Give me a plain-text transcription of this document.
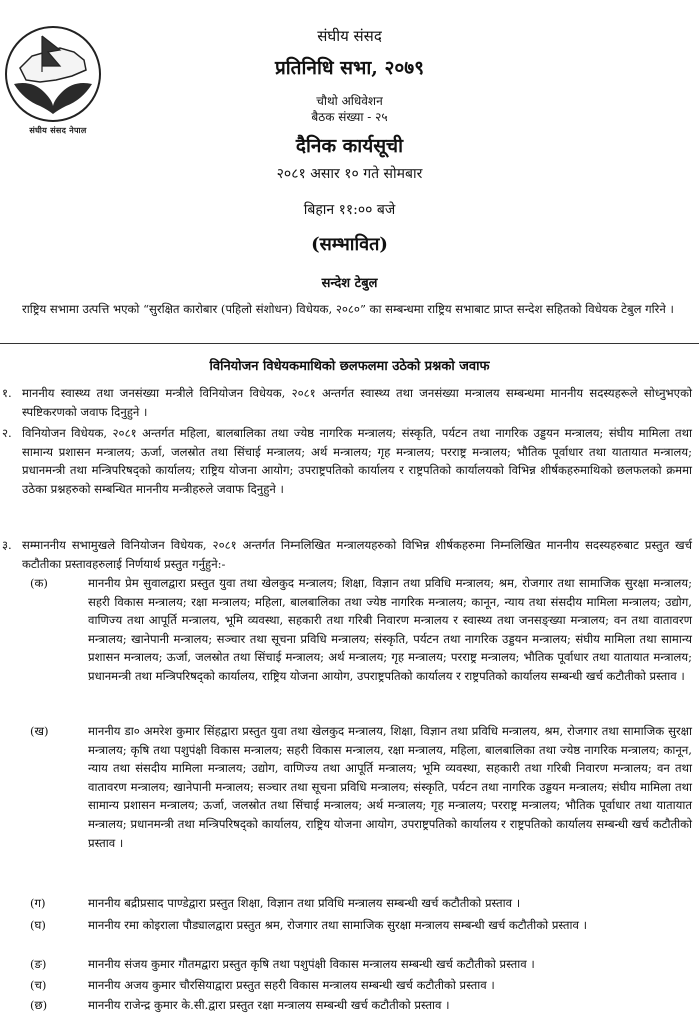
संघीय संसद नेपाल
संघीय संसद
प्रतिनिधि सभा, २०७९
चौथो अधिवेशन
बैठक संख्या - २५
दैनिक कार्यसूची
२०८१ असार १० गते सोमबार
बिहान ११:०० बजे
(सम्भावित)
सन्देश टेबुल
राष्ट्रिय सभामा उत्पत्ति भएको “सुरक्षित कारोबार (पहिलो संशोधन) विधेयक, २०८०” का सम्बन्धमा राष्ट्रिय सभाबाट प्राप्त सन्देश सहितको विधेयक टेबुल गरिने ।
विनियोजन विधेयकमाथिको छलफलमा उठेको प्रश्नको जवाफ
१. माननीय स्वास्थ्य तथा जनसंख्या मन्त्रीले विनियोजन विधेयक, २०८१ अन्तर्गत स्वास्थ्य तथा जनसंख्या मन्त्रालय सम्बन्धमा माननीय सदस्यहरूले सोध्नुभएको स्पष्टिकरणको जवाफ दिनुहुने ।
२. विनियोजन विधेयक, २०८१ अन्तर्गत महिला, बालबालिका तथा ज्येष्ठ नागरिक मन्त्रालय; संस्कृति, पर्यटन तथा नागरिक उड्डयन मन्त्रालय; संघीय मामिला तथा सामान्य प्रशासन मन्त्रालय; ऊर्जा, जलस्रोत तथा सिंचाई मन्त्रालय; अर्थ मन्त्रालय; गृह मन्त्रालय; परराष्ट्र मन्त्रालय; भौतिक पूर्वाधार तथा यातायात मन्त्रालय; प्रधानमन्त्री तथा मन्त्रिपरिषद्को कार्यालय; राष्ट्रिय योजना आयोग; उपराष्ट्रपतिको कार्यालय र राष्ट्रपतिको कार्यालयको विभिन्न शीर्षकहरुमाथिको छलफलको क्रममा उठेका प्रश्नहरुको सम्बन्धित माननीय मन्त्रीहरुले जवाफ दिनुहुने ।
३. सम्माननीय सभामुखले विनियोजन विधेयक, २०८१ अन्तर्गत निम्नलिखित मन्त्रालयहरुको विभिन्न शीर्षकहरुमा निम्नलिखित माननीय सदस्यहरुबाट प्रस्तुत खर्च कटौतीका प्रस्तावहरुलाई निर्णयार्थ प्रस्तुत गर्नुहुने:-
(क)	माननीय प्रेम सुवालद्वारा प्रस्तुत युवा तथा खेलकुद मन्त्रालय; शिक्षा, विज्ञान तथा प्रविधि मन्त्रालय; श्रम, रोजगार तथा सामाजिक सुरक्षा मन्त्रालय; सहरी विकास मन्त्रालय; रक्षा मन्त्रालय; महिला, बालबालिका तथा ज्येष्ठ नागरिक मन्त्रालय; कानून, न्याय तथा संसदीय मामिला मन्त्रालय; उद्योग, वाणिज्य तथा आपूर्ति मन्त्रालय, भूमि व्यवस्था, सहकारी तथा गरिबी निवारण मन्त्रालय र स्वास्थ्य तथा जनसङ्ख्या मन्त्रालय; वन तथा वातावरण मन्त्रालय; खानेपानी मन्त्रालय; सञ्चार तथा सूचना प्रविधि मन्त्रालय; संस्कृति, पर्यटन तथा नागरिक उड्डयन मन्त्रालय; संघीय मामिला तथा सामान्य प्रशासन मन्त्रालय; ऊर्जा, जलस्रोत तथा सिंचाई मन्त्रालय; अर्थ मन्त्रालय; गृह मन्त्रालय; परराष्ट्र मन्त्रालय; भौतिक पूर्वाधार तथा यातायात मन्त्रालय; प्रधानमन्त्री तथा मन्त्रिपरिषद्को कार्यालय, राष्ट्रिय योजना आयोग, उपराष्ट्रपतिको कार्यालय र राष्ट्रपतिको कार्यालय सम्बन्धी खर्च कटौतीको प्रस्ताव ।
(ख)	माननीय डा० अमरेश कुमार सिंहद्वारा प्रस्तुत युवा तथा खेलकुद मन्त्रालय, शिक्षा, विज्ञान तथा प्रविधि मन्त्रालय, श्रम, रोजगार तथा सामाजिक सुरक्षा मन्त्रालय; कृषि तथा पशुपंक्षी विकास मन्त्रालय; सहरी विकास मन्त्रालय, रक्षा मन्त्रालय, महिला, बालबालिका तथा ज्येष्ठ नागरिक मन्त्रालय; कानून, न्याय तथा संसदीय मामिला मन्त्रालय; उद्योग, वाणिज्य तथा आपूर्ति मन्त्रालय; भूमि व्यवस्था, सहकारी तथा गरिबी निवारण मन्त्रालय; वन तथा वातावरण मन्त्रालय; खानेपानी मन्त्रालय; सञ्चार तथा सूचना प्रविधि मन्त्रालय; संस्कृति, पर्यटन तथा नागरिक उड्डयन मन्त्रालय; संघीय मामिला तथा सामान्य प्रशासन मन्त्रालय; ऊर्जा, जलस्रोत तथा सिंचाई मन्त्रालय; अर्थ मन्त्रालय; गृह मन्त्रालय; परराष्ट्र मन्त्रालय; भौतिक पूर्वाधार तथा यातायात मन्त्रालय; प्रधानमन्त्री तथा मन्त्रिपरिषद्को कार्यालय, राष्ट्रिय योजना आयोग, उपराष्ट्रपतिको कार्यालय र राष्ट्रपतिको कार्यालय सम्बन्धी खर्च कटौतीको प्रस्ताव ।
(ग)	माननीय बद्रीप्रसाद पाण्डेद्वारा प्रस्तुत शिक्षा, विज्ञान तथा प्रविधि मन्त्रालय सम्बन्धी खर्च कटौतीको प्रस्ताव ।
(घ)	माननीय रमा कोइराला पौड्यालद्वारा प्रस्तुत श्रम, रोजगार तथा सामाजिक सुरक्षा मन्त्रालय सम्बन्धी खर्च कटौतीको प्रस्ताव ।
(ङ)	माननीय संजय कुमार गौतमद्वारा प्रस्तुत कृषि तथा पशुपंक्षी विकास मन्त्रालय सम्बन्धी खर्च कटौतीको प्रस्ताव ।
(च)	माननीय अजय कुमार चौरसियाद्वारा प्रस्तुत सहरी विकास मन्त्रालय सम्बन्धी खर्च कटौतीको प्रस्ताव ।
(छ)	माननीय राजेन्द्र कुमार के.सी.द्वारा प्रस्तुत रक्षा मन्त्रालय सम्बन्धी खर्च कटौतीको प्रस्ताव ।
